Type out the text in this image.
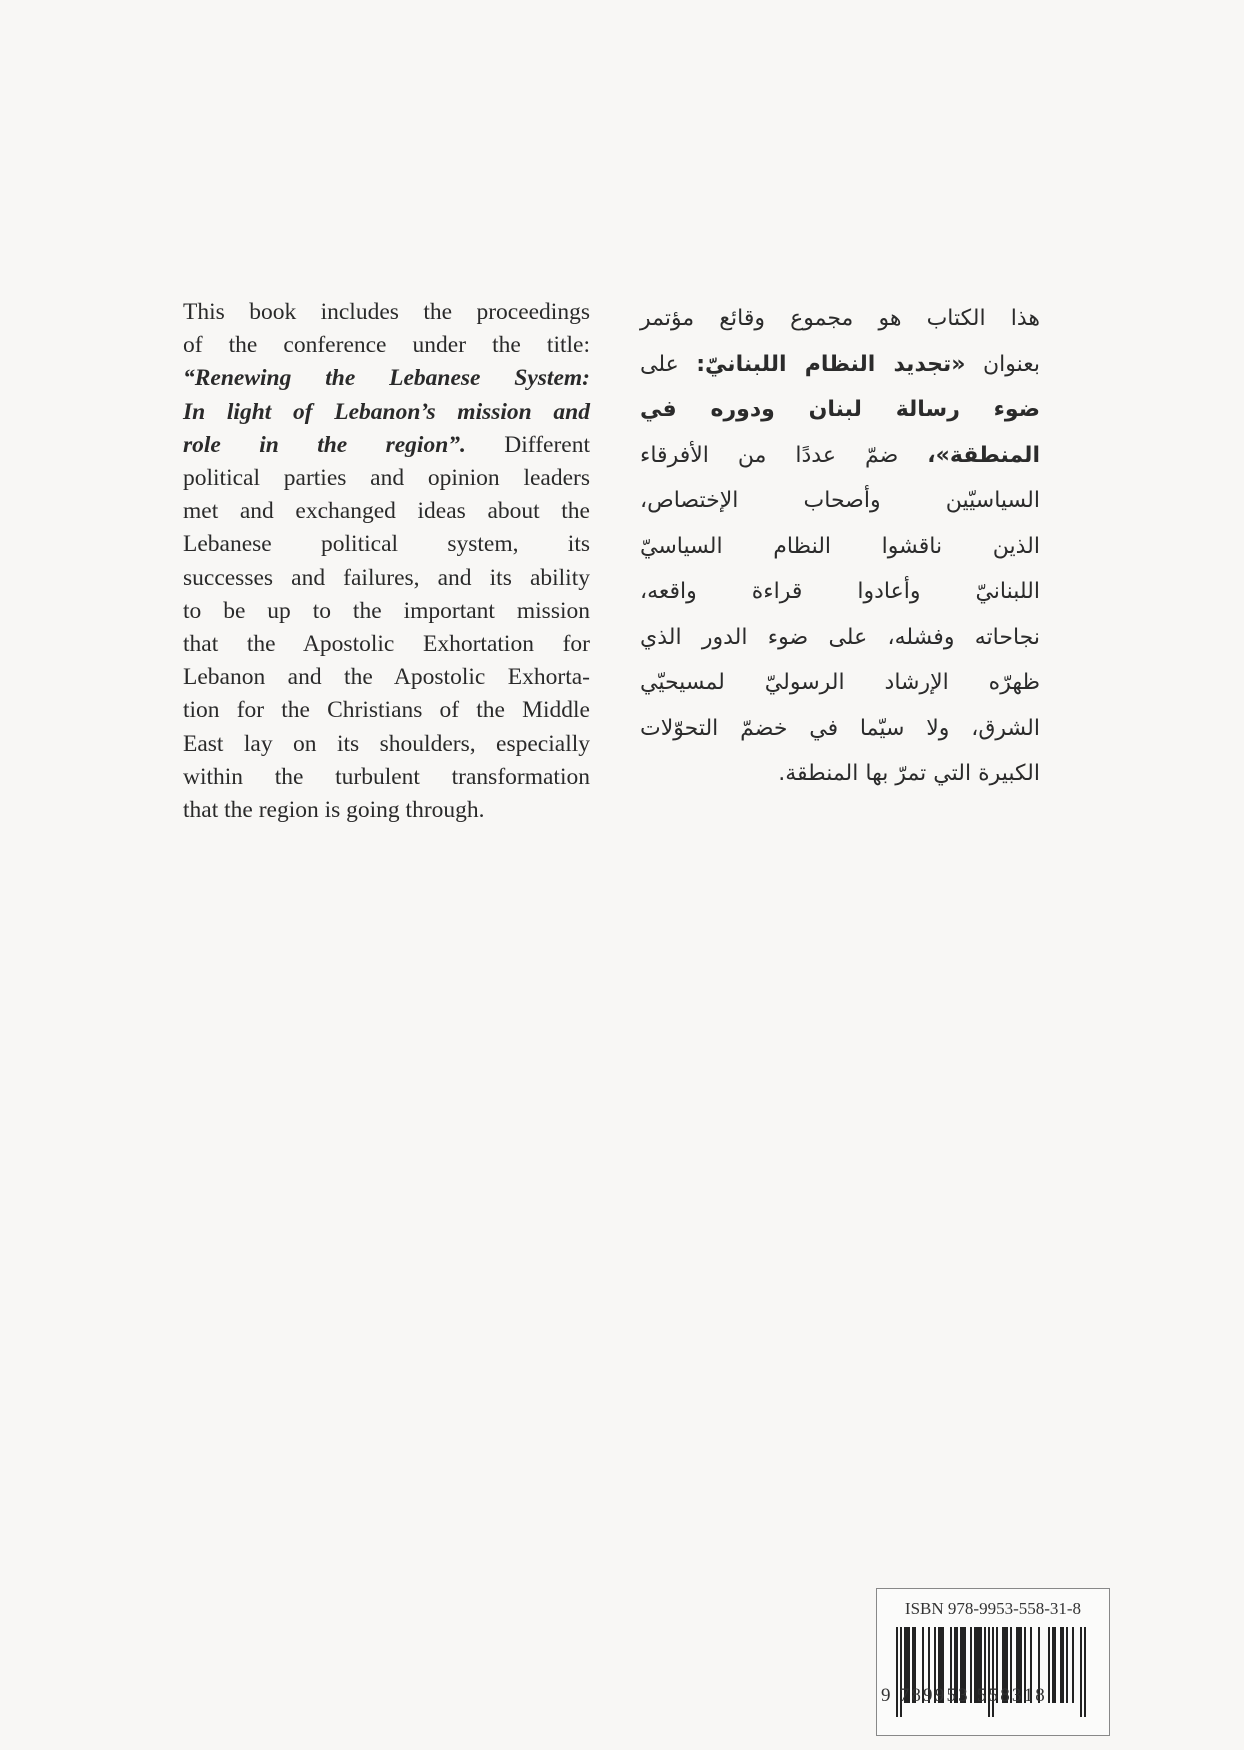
This book includes the proceedings
of the conference under the title:
“Renewing the Lebanese System:
In light of Lebanon’s mission and
role in the region”. Different
political parties and opinion leaders
met and exchanged ideas about the
Lebanese political system, its
successes and failures, and its ability
to be up to the important mission
that the Apostolic Exhortation for
Lebanon and the Apostolic Exhorta-
tion for the Christians of the Middle
East lay on its shoulders, especially
within the turbulent transformation
that the region is going through.
هذا الكتاب هو مجموع وقائع مؤتمر
بعنوان «تجديد النظام اللبنانيّ: على
ضوء رسالة لبنان ودوره في
المنطقة»، ضمّ عددًا من الأفرقاء
السياسيّين وأصحاب الإختصاص،
الذين ناقشوا النظام السياسيّ
اللبنانيّ وأعادوا قراءة واقعه،
نجاحاته وفشله، على ضوء الدور الذي
ظهرّه الإرشاد الرسوليّ لمسيحيّي
الشرق، ولا سيّما في خضمّ التحوّلات
الكبيرة التي تمرّ بها المنطقة.
ISBN 978-9953-558-31-8
9 789953 558318
